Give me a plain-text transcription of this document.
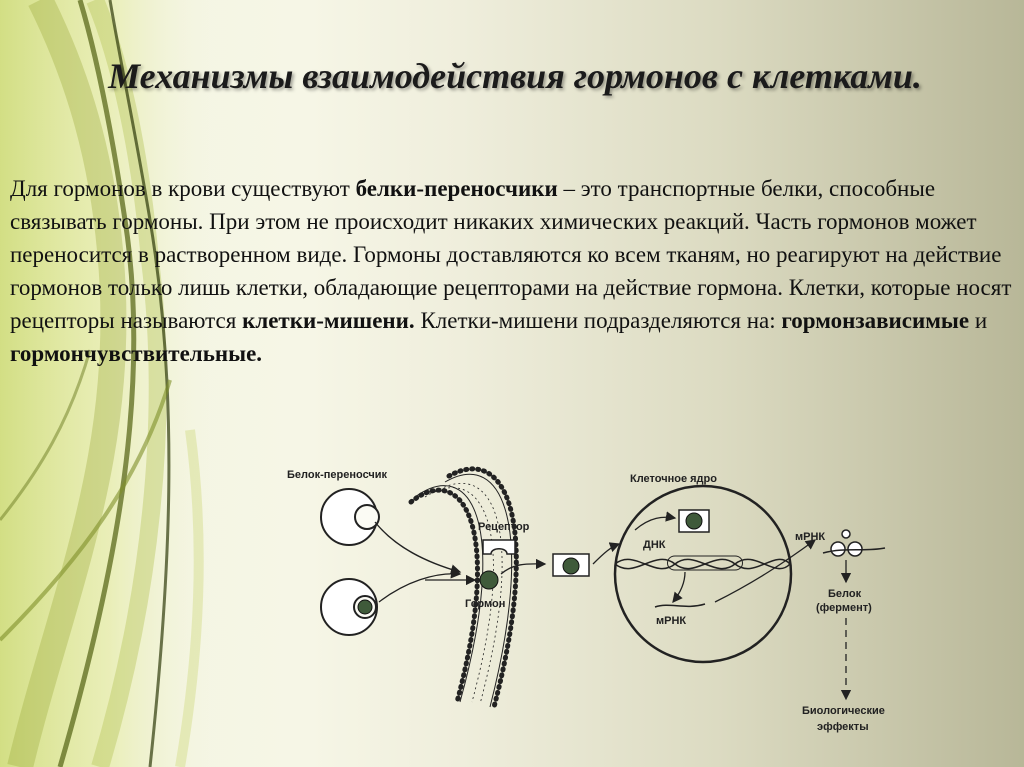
Механизмы взаимодействия гормонов с клетками.

Для гормонов в крови существуют белки-переносчики – это транспортные белки, способные связывать гормоны. При этом не происходит никаких химических реакций. Часть гормонов может переносится в растворенном виде. Гормоны доставляются ко всем тканям, но реагируют на действие гормонов только лишь клетки, обладающие рецепторами на действие гормона. Клетки, которые носят рецепторы называются клетки-мишени. Клетки-мишени подразделяются на: гормонзависимые и гормончувствительные.

Рецептор
Гормон
Клеточное ядро
ДНК
мРНК
мРНК
Белок
(фермент)
Биологические
эффекты
Белок-переносчик
